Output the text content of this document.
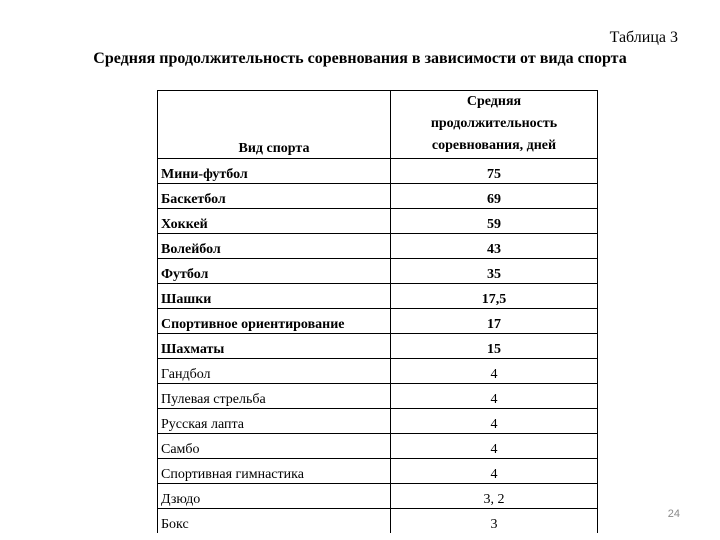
Таблица 3
Средняя продолжительность соревнования в зависимости от вида спорта
Вид спорта	Средняя
продолжительность
соревнования, дней
Мини-футбол	75
Баскетбол	69
Хоккей	59
Волейбол	43
Футбол	35
Шашки	17,5
Спортивное ориентирование	17
Шахматы	15
Гандбол	4
Пулевая стрельба	4
Русская лапта	4
Самбо	4
Спортивная гимнастика	4
Дзюдо	3, 2
Бокс	3
24
